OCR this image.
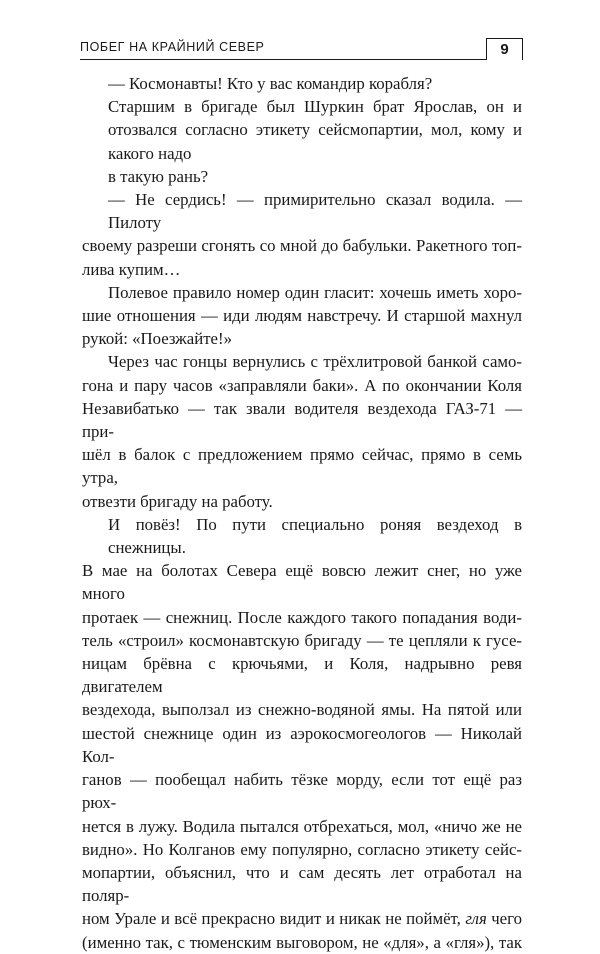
ПОБЕГ НА КРАЙНИЙ СЕВЕР	9

— Космонавты! Кто у вас командир корабля?

Старшим в бригаде был Шуркин брат Ярослав, он и отозвался согласно этикету сейсмопартии, мол, кому и какого надо
в такую рань?

— Не сердись! — примирительно сказал водила. — Пилоту
своему разреши сгонять со мной до бабульки. Ракетного топ-
лива купим…

Полевое правило номер один гласит: хочешь иметь хоро-
шие отношения — иди людям навстречу. И старшой махнул
рукой: «Поезжайте!»

Через час гонцы вернулись с трёхлитровой банкой само-
гона и пару часов «заправляли баки». А по окончании Коля
Незавибатько — так звали водителя вездехода ГАЗ-71 — при-
шёл в балок с предложением прямо сейчас, прямо в семь утра,
отвезти бригаду на работу.

И повёз! По пути специально роняя вездеход в снежницы.
В мае на болотах Севера ещё вовсю лежит снег, но уже много
протаек — снежниц. После каждого такого попадания води-
тель «строил» космонавтскую бригаду — те цепляли к гусе-
ницам брёвна с крючьями, и Коля, надрывно ревя двигателем
вездехода, выползал из снежно-водяной ямы. На пятой или
шестой снежнице один из аэрокосмогеологов — Николай Кол-
ганов — пообещал набить тёзке морду, если тот ещё раз рюх-
нется в лужу. Водила пытался отбрехаться, мол, «ничо же не
видно». Но Колганов ему популярно, согласно этикету сейс-
мопартии, объяснил, что и сам десять лет отработал на поляр-
ном Урале и всё прекрасно видит и никак не поймёт, гля чего
(именно так, с тюменским выговором, не «для», а «гля»), так
